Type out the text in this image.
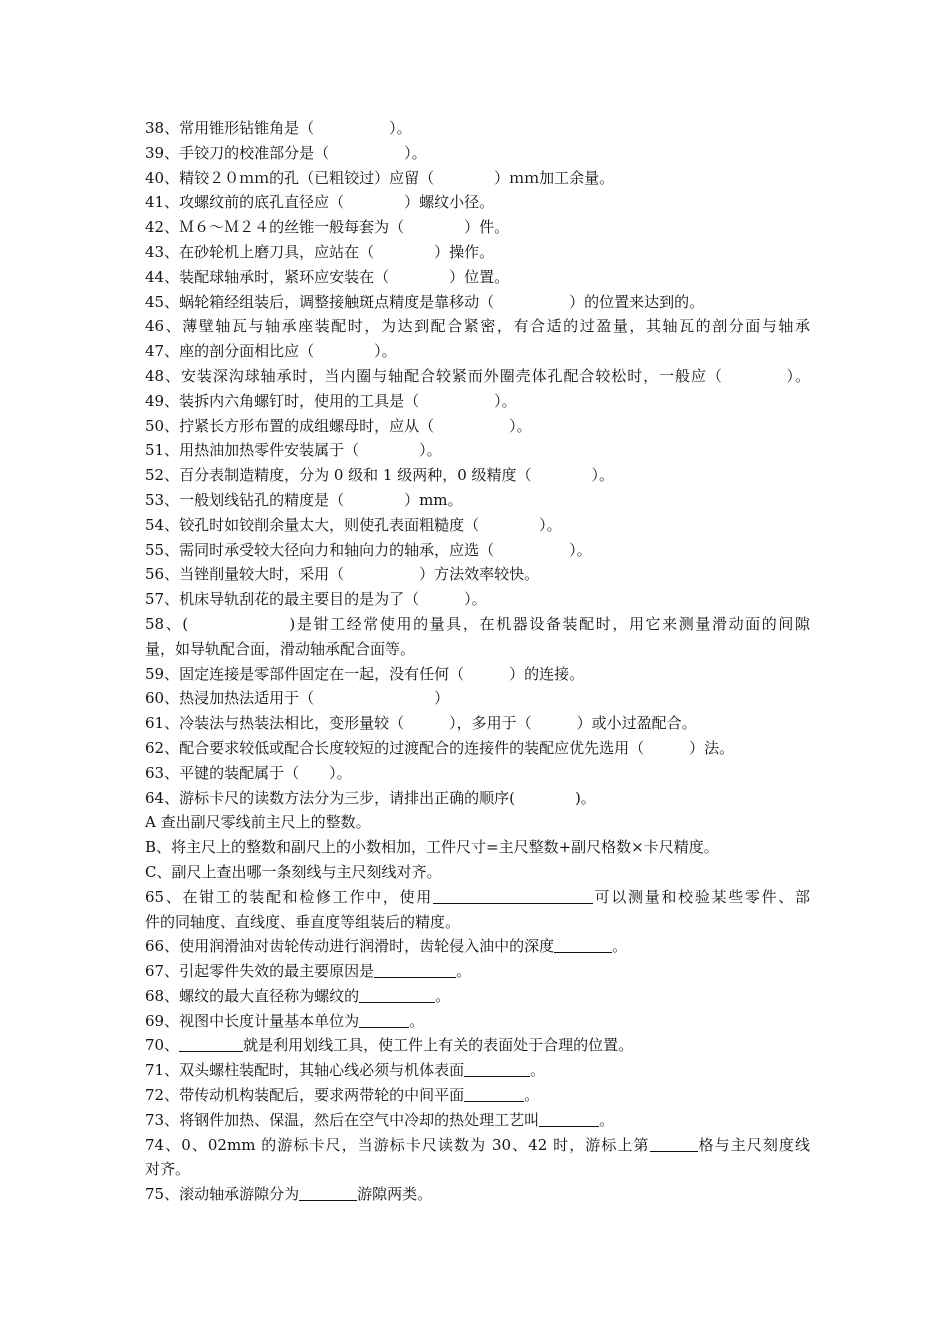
38、常用锥形钻锥角是（　　　　　）。
39、手铰刀的校准部分是（　　　　　）。
40、精铰２０ｍｍ的孔（已粗铰过）应留（　　　　）ｍｍ加工余量。
41、攻螺纹前的底孔直径应（　　　　）螺纹小径。
42、Ｍ６～Ｍ２４的丝锥一般每套为（　　　　）件。
43、在砂轮机上磨刀具，应站在（　　　　）操作。
44、装配球轴承时，紧环应安装在（　　　　）位置。
45、蜗轮箱经组装后，调整接触斑点精度是靠移动（　　　　　）的位置来达到的。
46、薄壁轴瓦与轴承座装配时，为达到配合紧密，有合适的过盈量，其轴瓦的剖分面与轴承
47、座的剖分面相比应（　　　　）。
48、安装深沟球轴承时，当内圈与轴配合较紧而外圈壳体孔配合较松时，一般应（　　　　）。
49、装拆内六角螺钉时，使用的工具是（　　　　　）。
50、拧紧长方形布置的成组螺母时，应从（　　　　　）。
51、用热油加热零件安装属于（　　　　）。
52、百分表制造精度，分为 0 级和 1 级两种，0 级精度（　　　　）。
53、一般划线钻孔的精度是（　　　　）mm。
54、铰孔时如铰削余量太大，则使孔表面粗糙度（　　　　）。
55、需同时承受较大径向力和轴向力的轴承，应选（　　　　　）。
56、当锉削量较大时，采用（　　　　　）方法效率较快。
57、机床导轨刮花的最主要目的是为了（　　　）。
58、(　　　　　　)是钳工经常使用的量具，在机器设备装配时，用它来测量滑动面的间隙
量，如导轨配合面，滑动轴承配合面等。
59、固定连接是零部件固定在一起，没有任何（　　　）的连接。
60、热浸加热法适用于（　　　　　　　　）
61、冷装法与热装法相比，变形量较（　　　），多用于（　　　）或小过盈配合。
62、配合要求较低或配合长度较短的过渡配合的连接件的装配应优先选用（　　　）法。
63、平键的装配属于（　　）。
64、游标卡尺的读数方法分为三步，请排出正确的顺序(　　　　)。
A 查出副尺零线前主尺上的整数。
B、将主尺上的整数和副尺上的小数相加，工件尺寸=主尺整数+副尺格数×卡尺精度。
C、副尺上查出哪一条刻线与主尺刻线对齐。
65、在钳工的装配和检修工作中，使用	可以测量和校验某些零件、部
件的同轴度、直线度、垂直度等组装后的精度。
66、使用润滑油对齿轮传动进行润滑时，齿轮侵入油中的深度	。
67、引起零件失效的最主要原因是	。
68、螺纹的最大直径称为螺纹的	。
69、视图中长度计量基本单位为	。
70、	就是利用划线工具，使工件上有关的表面处于合理的位置。
71、双头螺柱装配时，其轴心线必须与机体表面	。
72、带传动机构装配后，要求两带轮的中间平面	。
73、将钢件加热、保温，然后在空气中冷却的热处理工艺叫	。
74、0、02mm 的游标卡尺，当游标卡尺读数为 30、42 时，游标上第	格与主尺刻度线
对齐。
75、滚动轴承游隙分为	游隙两类。
